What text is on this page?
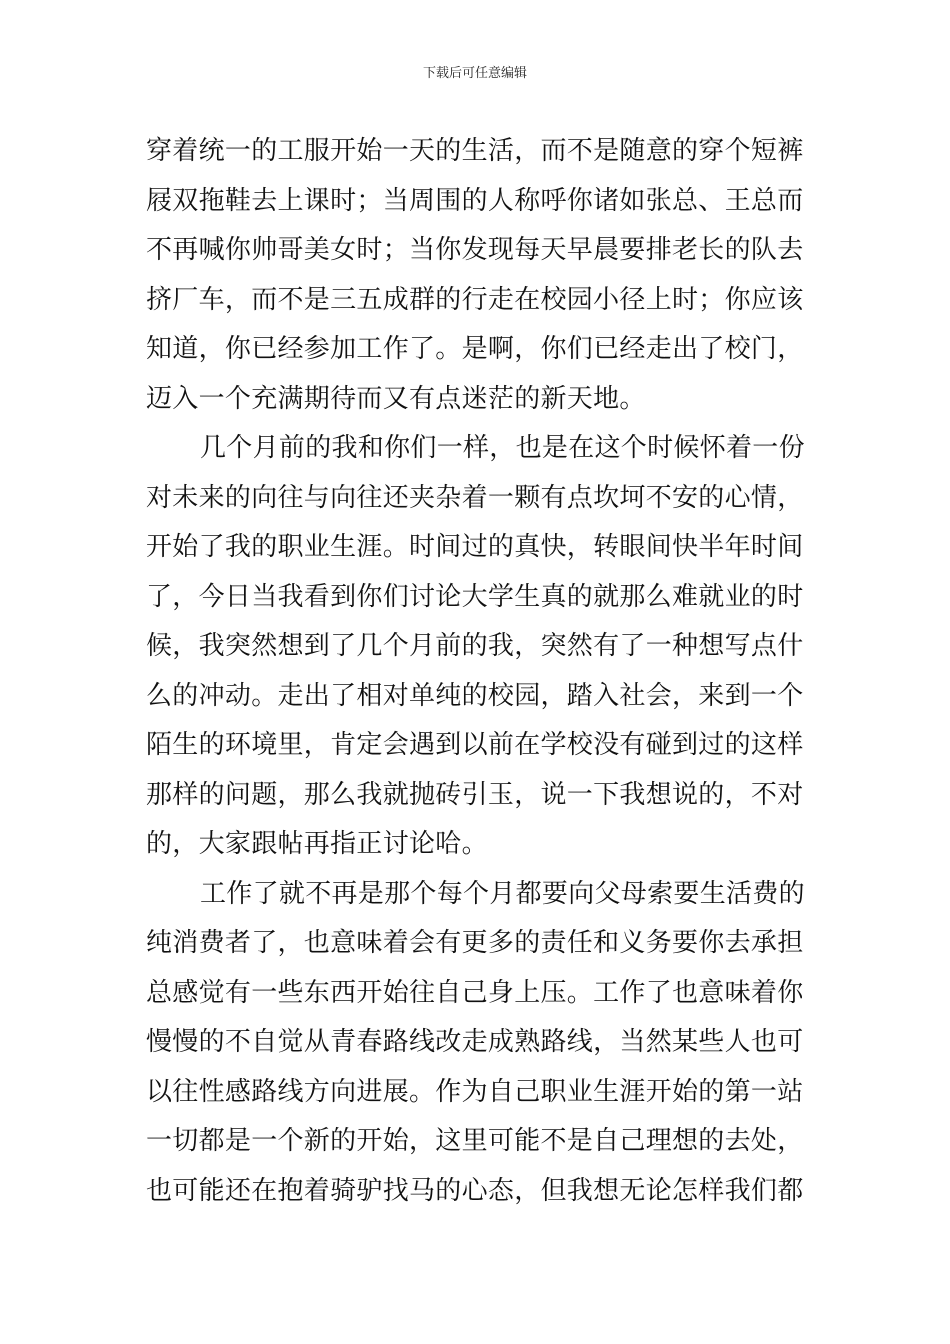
下载后可任意编辑

穿着统一的工服开始一天的生活，而不是随意的穿个短裤
屐双拖鞋去上课时；当周围的人称呼你诸如张总、王总而
不再喊你帅哥美女时；当你发现每天早晨要排老长的队去
挤厂车，而不是三五成群的行走在校园小径上时；你应该
知道，你已经参加工作了。是啊，你们已经走出了校门，
迈入一个充满期待而又有点迷茫的新天地。

几个月前的我和你们一样，也是在这个时候怀着一份
对未来的向往与向往还夹杂着一颗有点坎坷不安的心情，
开始了我的职业生涯。时间过的真快，转眼间快半年时间
了，今日当我看到你们讨论大学生真的就那么难就业的时
候，我突然想到了几个月前的我，突然有了一种想写点什
么的冲动。走出了相对单纯的校园，踏入社会，来到一个
陌生的环境里，肯定会遇到以前在学校没有碰到过的这样
那样的问题，那么我就抛砖引玉，说一下我想说的，不对
的，大家跟帖再指正讨论哈。

工作了就不再是那个每个月都要向父母索要生活费的
纯消费者了，也意味着会有更多的责任和义务要你去承担
总感觉有一些东西开始往自己身上压。工作了也意味着你
慢慢的不自觉从青春路线改走成熟路线，当然某些人也可
以往性感路线方向进展。作为自己职业生涯开始的第一站
一切都是一个新的开始，这里可能不是自己理想的去处，
也可能还在抱着骑驴找马的心态，但我想无论怎样我们都
